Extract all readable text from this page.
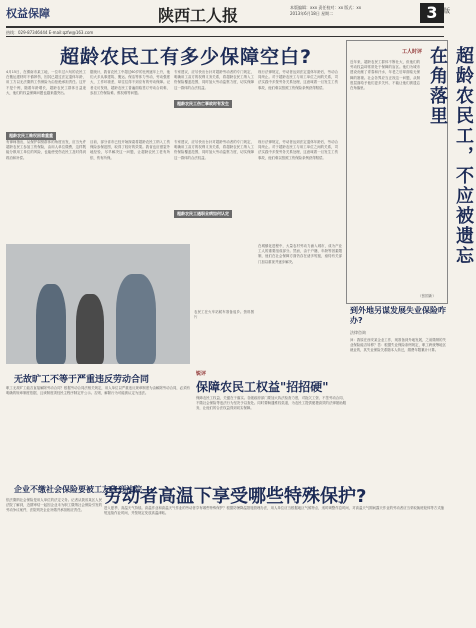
权益保障	陕西工人报	本版编辑：xxx 责任校对：xx 版式：xx
2013年6月18日 星期二	3	版
热线：029-87346444 E-mail:qzfw@163.com
超龄农民工有多少保障空白?

4月15日，在渭南市某工地，一位年过六旬的农民工在搬运建材时不慎摔伤，因其已超过法定退休年龄，用工方以无法缴纳工伤保险为由拒绝承担责任。这并不是个例，随着年龄增长，超龄农民工群体日益庞大，他们的权益保障问题也越来越突出。

据统计，我省农民工中超过60岁的比例逐年上升，他们大多从事建筑、搬运、保洁等体力劳动，劳动强度大，工作环境差，却往往得不到应有的劳动保障。记者走访发现，超龄农民工普遍面临签订劳动合同难、参加工伤保险难、维权难等问题。

专家建议，应尽快出台针对超龄劳动者的专门规定，明确用工双方的权利义务关系，将超龄农民工纳入工伤保险覆盖范围，同时加大劳动监察力度，切实保障这一群体的合法权益。

现行法律规定，劳动者达到法定退休年龄后，劳动合同终止。对于超龄农民工与用工单位之间的关系，司法实践中多按劳务关系处理，这意味着一旦发生工伤事故，他们难以按照工伤保险条例获得赔偿。

超龄农民工维权困难重重

有律师指出，从保护弱势群体的角度出发，应当允许超龄农民工参加工伤保险，由用人单位缴费，这样既能分散用工单位的风险，也能使受伤农民工及时得到救治和补偿。

目前，部分省市已经开始探索将超龄农民工纳入工伤保险参保范围，取得了较好的效果。我省也应借鉴外地经验，尽早解决这一问题，让超龄农民工老有所依、伤有所保。

超龄农民工伤亡事故时有发生

专家建议，应尽快出台针对超龄劳动者的专门规定，明确用工双方的权利义务关系，将超龄农民工纳入工伤保险覆盖范围，同时加大劳动监察力度，切实保障这一群体的合法权益。

超龄农民工遇职业病如何认定

现行法律规定，劳动者达到法定退休年龄后，劳动合同终止。对于超龄农民工与用工单位之间的关系，司法实践中多按劳务关系处理，这意味着一旦发生工伤事故，他们难以按照工伤保险条例获得赔偿。

工人时评	超龄农民工，不应被遗忘在角落里

近年来，超龄农民工群体不断壮大，但他们的劳动权益却常常处于保障的盲区。他们为城市建设贡献了青春和汗水，年老之后却面临无保障的窘境。社会各界应当正视这一问题，从制度层面给予他们更多关怀，不能让他们被遗忘在角落里。

（张国新）

农民工在火车站候车准备返乡。资料图片

在城镇化进程中，大量农村劳动力涌入城市，成为产业工人的重要组成部分。然而，由于户籍、年龄等因素限制，他们在社会保障方面仍存在诸多短板，亟待有关部门加以重视并逐步解决。

锐评
保障农民工权益"招招硬"

保障农民工权益，关键在于落实。各级政府部门要加大执法检查力度，对拖欠工资、不签劳动合同、不缴社会保险等违法行为坚决予以查处。同时要畅通维权渠道，为农民工提供便捷高效的法律援助服务，让他们的合法权益得到切实保障。

到外地另谋发展失业保险咋办?
法律咨询

问：我原在西安某企业工作，现准备到外地发展，之前缴纳的失业保险能否转移？答：根据失业保险条例规定，职工跨统筹地区就业的，其失业保险关系随本人转迁，缴费年限累计计算。

无故旷工不等于严重违反劳动合同

职工无故旷工能否直接解除劳动合同？根据劳动合同法相关规定，用人单位以严重违反规章制度为由解除劳动合同，必须有明确的规章制度依据，且该制度须经民主程序制定并公示。否则，解除行为可能被认定为违法。

企业不缴社会保险要被工友告到法院

依法缴纳社会保险是用人单位的法定义务。记者从我省某区人民法院了解到，近期审结一起因企业未为职工缴纳社会保险引发的劳动争议案件，法院判决企业补缴并承担相应责任。

劳动者高温下享受哪些特殊保护?

进入夏季，高温天气持续。高温作业和高温天气作业的劳动者享有哪些特殊保护？根据防暑降温措施管理办法，用人单位应当根据地区气候特点，适时调整作息时间，对高温天气期间露天作业的劳动者应当采取换班轮休等方式缩短连续作业时间，并按规定发放高温津贴。
